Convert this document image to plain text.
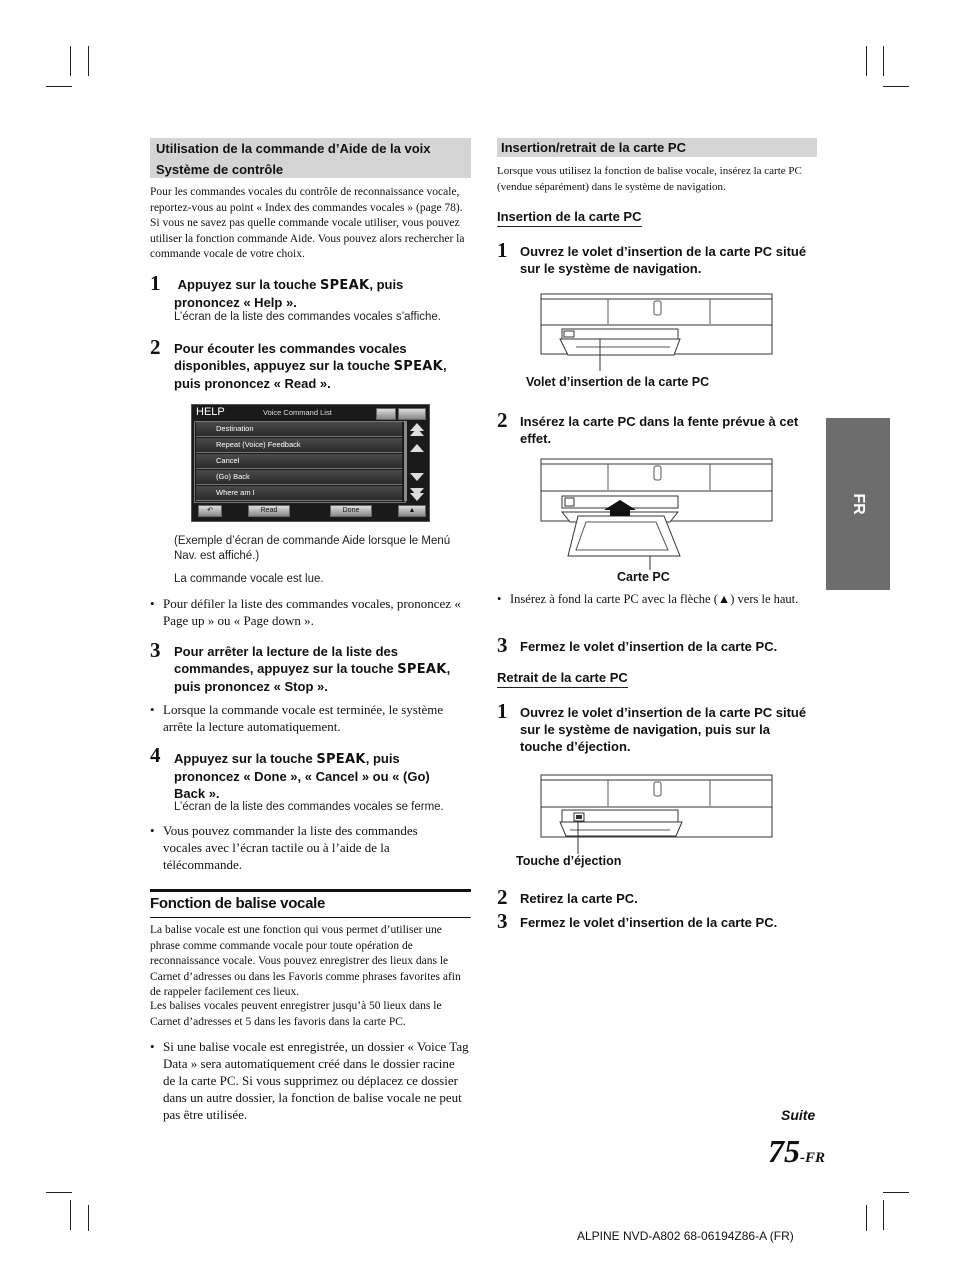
Utilisation de la commande d’Aide de la voix
Système de contrôle
Pour les commandes vocales du contrôle de reconnaissance vocale, reportez-vous au point « Index des commandes vocales » (page 78). Si vous ne savez pas quelle commande vocale utiliser, vous pouvez utiliser la fonction commande Aide. Vous pouvez alors rechercher la commande vocale de votre choix.
1 Appuyez sur la touche SPEAK, puis prononcez « Help ».
L’écran de la liste des commandes vocales s’affiche.
2 Pour écouter les commandes vocales disponibles, appuyez sur la touche SPEAK, puis prononcez « Read ».
HELP	Voice Command List
Destination
Repeat (Voice) Feedback
Cancel
(Go) Back
Where am I
↶	Read	Done	▲
(Exemple d’écran de commande Aide lorsque le Menú Nav. est affiché.)
La commande vocale est lue.
• Pour défiler la liste des commandes vocales, prononcez « Page up » ou « Page down ».
3 Pour arrêter la lecture de la liste des commandes, appuyez sur la touche SPEAK, puis prononcez « Stop ».
• Lorsque la commande vocale est terminée, le système arrête la lecture automatiquement.
4 Appuyez sur la touche SPEAK, puis prononcez « Done », « Cancel » ou « (Go) Back ».
L’écran de la liste des commandes vocales se ferme.
• Vous pouvez commander la liste des commandes vocales avec l’écran tactile ou à l’aide de la télécommande.
Fonction de balise vocale
La balise vocale est une fonction qui vous permet d’utiliser une phrase comme commande vocale pour toute opération de reconnaissance vocale. Vous pouvez enregistrer des lieux dans le Carnet d’adresses ou dans les Favoris comme phrases favorites afin de rappeler facilement ces lieux.
Les balises vocales peuvent enregistrer jusqu’à 50 lieux dans le Carnet d’adresses et 5 dans les favoris dans la carte PC.
• Si une balise vocale est enregistrée, un dossier « Voice Tag Data » sera automatiquement créé dans le dossier racine de la carte PC. Si vous supprimez ou déplacez ce dossier dans un autre dossier, la fonction de balise vocale ne peut pas être utilisée.
Insertion/retrait de la carte PC
Lorsque vous utilisez la fonction de balise vocale, insérez la carte PC (vendue séparément) dans le système de navigation.
Insertion de la carte PC
1 Ouvrez le volet d’insertion de la carte PC situé sur le système de navigation.
Volet d’insertion de la carte PC
2 Insérez la carte PC dans la fente prévue à cet effet.
Carte PC
• Insérez à fond la carte PC avec la flèche (▲) vers le haut.
3 Fermez le volet d’insertion de la carte PC.
Retrait de la carte PC
1 Ouvrez le volet d’insertion de la carte PC situé sur le système de navigation, puis sur la touche d’éjection.
Touche d’éjection
2 Retirez la carte PC.
3 Fermez le volet d’insertion de la carte PC.
FR
Suite
75-FR
ALPINE NVD-A802 68-06194Z86-A (FR)
